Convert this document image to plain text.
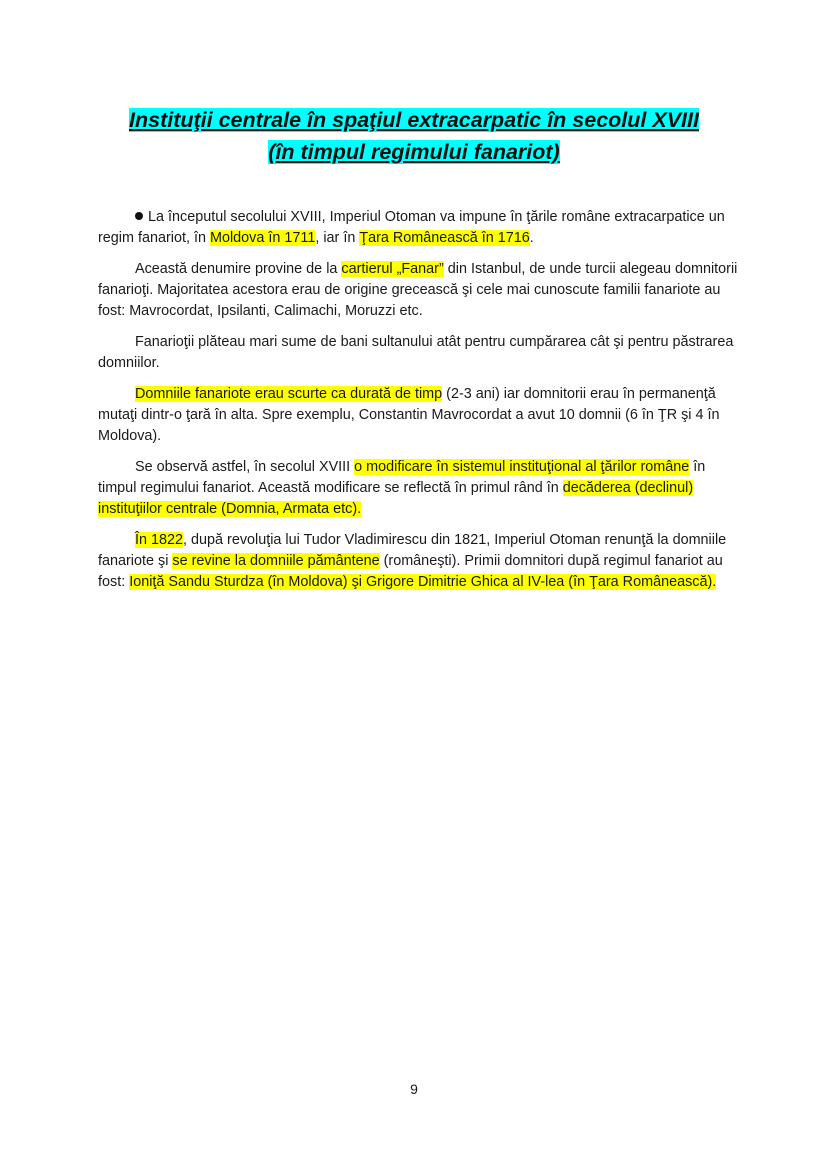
Instituţii centrale în spaţiul extracarpatic în secolul XVIII
(în timpul regimului fanariot)

La începutul secolului XVIII, Imperiul Otoman va impune în ţările române extracarpatice un regim fanariot, în Moldova în 1711, iar în Ţara Românească în 1716.

Această denumire provine de la cartierul „Fanar” din Istanbul, de unde turcii alegeau domnitorii fanarioţi. Majoritatea acestora erau de origine grecească şi cele mai cunoscute familii fanariote au fost: Mavrocordat, Ipsilanti, Calimachi, Moruzzi etc.

Fanarioţii plăteau mari sume de bani sultanului atât pentru cumpărarea cât şi pentru păstrarea domniilor.

Domniile fanariote erau scurte ca durată de timp (2-3 ani) iar domnitorii erau în permanenţă mutaţi dintr-o ţară în alta. Spre exemplu, Constantin Mavrocordat a avut 10 domnii (6 în ŢR şi 4 în Moldova).

Se observă astfel, în secolul XVIII o modificare în sistemul instituţional al ţărilor române în timpul regimului fanariot. Această modificare se reflectă în primul rând în decăderea (declinul) instituţiilor centrale (Domnia, Armata etc).

În 1822, după revoluţia lui Tudor Vladimirescu din 1821, Imperiul Otoman renunţă la domniile fanariote şi se revine la domniile pământene (româneşti). Primii domnitori după regimul fanariot au fost: Ioniţă Sandu Sturdza (în Moldova) şi Grigore Dimitrie Ghica al IV-lea (în Ţara Românească).

9
